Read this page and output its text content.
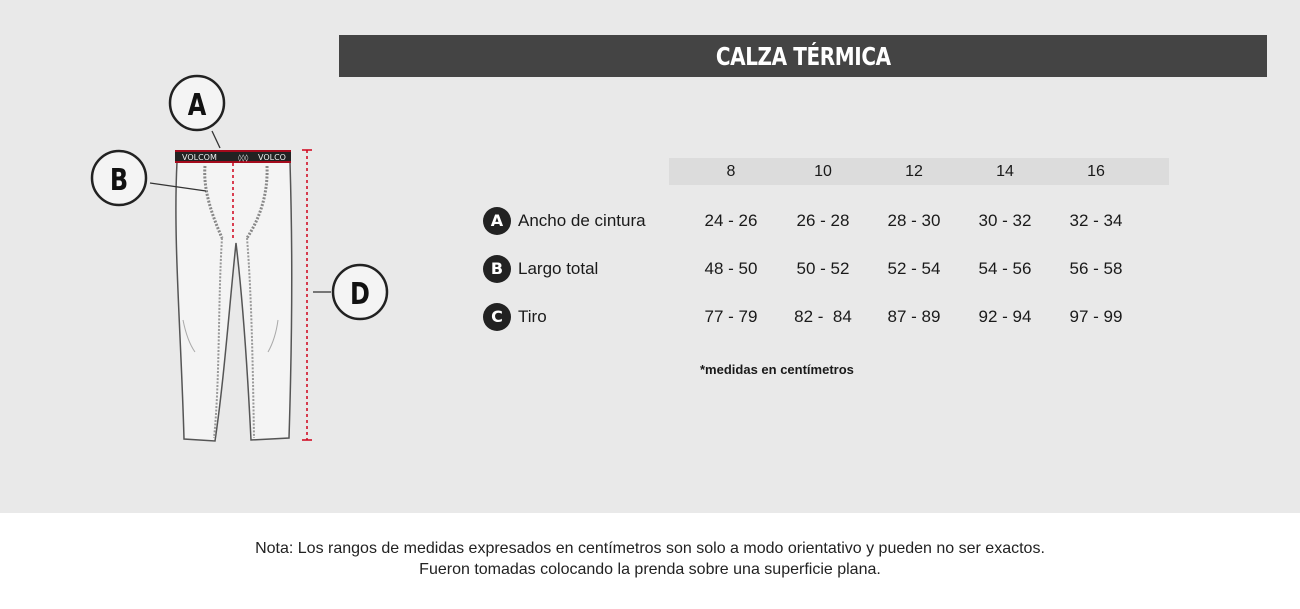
CALZA TÉRMICA
VOLCOM	VOLCO
◊◊◊
A
B
D
8	10	12	14	16
A Ancho de cintura	24 - 26	26 - 28	28 - 30	30 - 32	32 - 34
B Largo total	48 - 50	50 - 52	52 - 54	54 - 56	56 - 58
C Tiro	77 - 79	82 -  84	87 - 89	92 - 94	97 - 99
*medidas en centímetros
Nota: Los rangos de medidas expresados en centímetros son solo a modo orientativo y pueden no ser exactos.
Fueron tomadas colocando la prenda sobre una superficie plana.
